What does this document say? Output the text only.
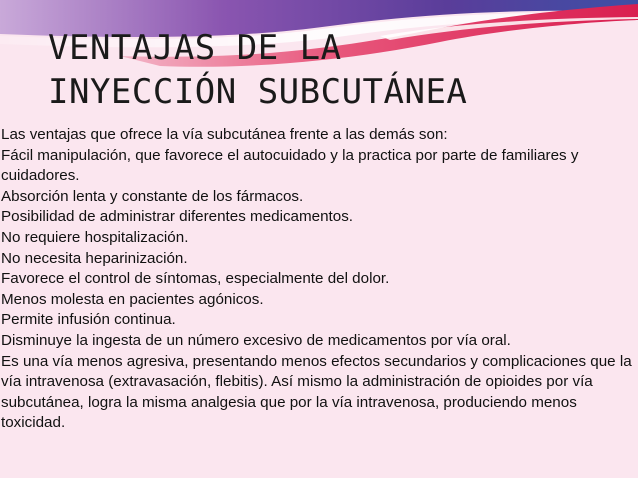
VENTAJAS DE LA
INYECCIÓN SUBCUTÁNEA
Las ventajas que ofrece la vía subcutánea frente a las demás son:
Fácil manipulación, que favorece el autocuidado y la practica por parte de familiares y cuidadores.
Absorción lenta y constante de los fármacos.
Posibilidad de administrar diferentes medicamentos.
No requiere hospitalización.
No necesita heparinización.
Favorece el control de síntomas, especialmente del dolor.
Menos molesta en pacientes agónicos.
Permite infusión continua.
Disminuye la ingesta de un número excesivo de medicamentos por vía oral.
Es una vía menos agresiva, presentando menos efectos secundarios y complicaciones que la vía intravenosa (extravasación, flebitis). Así mismo la administración de opioides por vía subcutánea, logra la misma analgesia que por la vía intravenosa, produciendo menos toxicidad.
